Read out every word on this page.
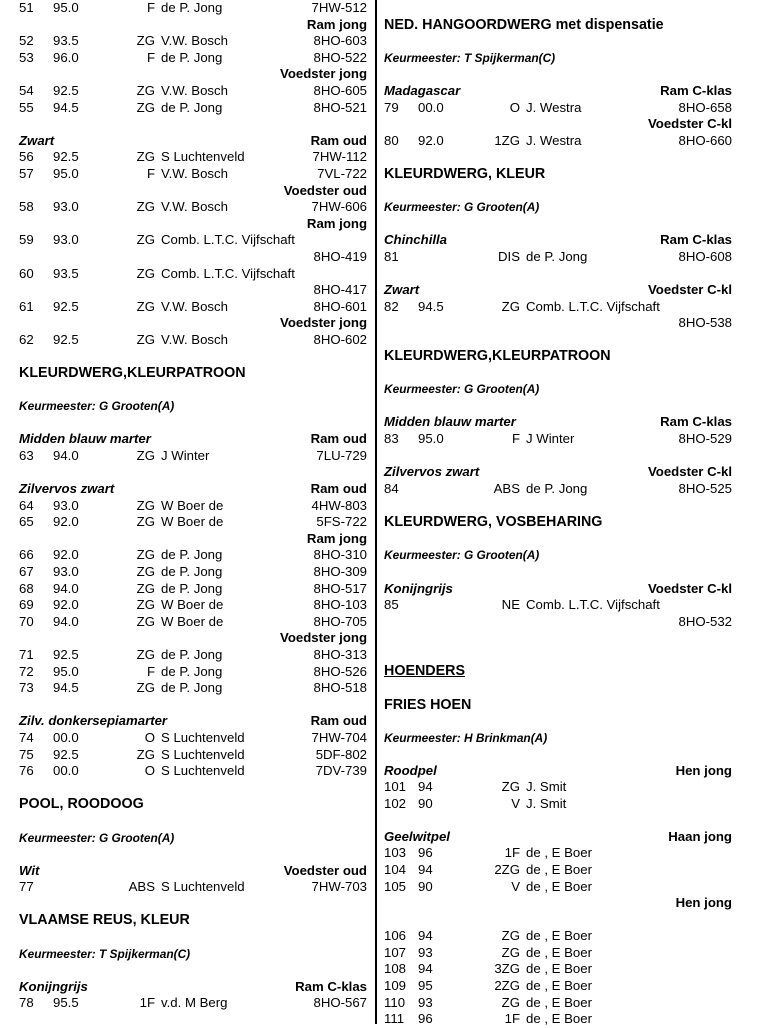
51 95.0	F de P. Jong	7HW-512
Ram jong
52 93.5	ZG V.W. Bosch	8HO-603
53 96.0	F de P. Jong	8HO-522
Voedster jong
54 92.5	ZG V.W. Bosch	8HO-605
55 94.5	ZG de P. Jong	8HO-521
Zwart	Ram oud
56 92.5	ZG S Luchtenveld	7HW-112
57 95.0	F V.W. Bosch	7VL-722
Voedster oud
58 93.0	ZG V.W. Bosch	7HW-606
Ram jong
59 93.0	ZG Comb. L.T.C. Vijfschaft
8HO-419
60 93.5	ZG Comb. L.T.C. Vijfschaft
8HO-417
61 92.5	ZG V.W. Bosch	8HO-601
Voedster jong
62 92.5	ZG V.W. Bosch	8HO-602
KLEURDWERG,KLEURPATROON
Keurmeester: G Grooten(A)
Midden blauw marter	Ram oud
63 94.0	ZG J Winter	7LU-729
Zilvervos zwart	Ram oud
64 93.0	ZG W Boer de	4HW-803
65 92.0	ZG W Boer de	5FS-722
Ram jong
66 92.0	ZG de P. Jong	8HO-310
67 93.0	ZG de P. Jong	8HO-309
68 94.0	ZG de P. Jong	8HO-517
69 92.0	ZG W Boer de	8HO-103
70 94.0	ZG W Boer de	8HO-705
Voedster jong
71 92.5	ZG de P. Jong	8HO-313
72 95.0	F de P. Jong	8HO-526
73 94.5	ZG de P. Jong	8HO-518
Zilv. donkersepiamarter	Ram oud
74 00.0	O S Luchtenveld	7HW-704
75 92.5	ZG S Luchtenveld	5DF-802
76 00.0	O S Luchtenveld	7DV-739
POOL, ROODOOG
Keurmeester: G Grooten(A)
Wit	Voedster oud
77	ABS S Luchtenveld	7HW-703
VLAAMSE REUS, KLEUR
Keurmeester: T Spijkerman(C)
Konijngrijs	Ram C-klas
78 95.5	1F v.d. M Berg	8HO-567
NED. HANGOORDWERG met dispensatie
Keurmeester: T Spijkerman(C)
Madagascar	Ram C-klas
79 00.0	O J. Westra	8HO-658
Voedster C-kl
80 92.0	1ZG J. Westra	8HO-660
KLEURDWERG, KLEUR
Keurmeester: G Grooten(A)
Chinchilla	Ram C-klas
81	DIS de P. Jong	8HO-608
Zwart	Voedster C-kl
82 94.5	ZG Comb. L.T.C. Vijfschaft
8HO-538
KLEURDWERG,KLEURPATROON
Keurmeester: G Grooten(A)
Midden blauw marter	Ram C-klas
83 95.0	F J Winter	8HO-529
Zilvervos zwart	Voedster C-kl
84	ABS de P. Jong	8HO-525
KLEURDWERG, VOSBEHARING
Keurmeester: G Grooten(A)
Konijngrijs	Voedster C-kl
85	NE Comb. L.T.C. Vijfschaft
8HO-532
HOENDERS
FRIES HOEN
Keurmeester: H Brinkman(A)
Roodpel	Hen jong
101 94	ZG J. Smit
102 90	V J. Smit
Geelwitpel	Haan jong
103 96	1F de , E Boer
104 94	2ZG de , E Boer
105 90	V de , E Boer
Hen jong
106 94	ZG de , E Boer
107 93	ZG de , E Boer
108 94	3ZG de , E Boer
109 95	2ZG de , E Boer
110 93	ZG de , E Boer
111 96	1F de , E Boer
